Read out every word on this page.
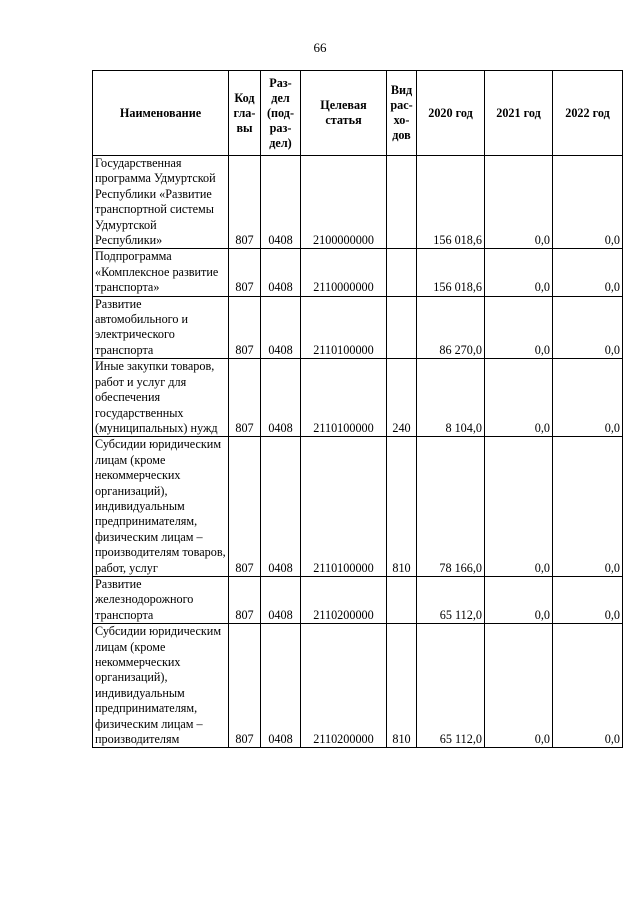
66
Наименование	Код гла- вы	Раз- дел (под- раз- дел)	Целевая статья	Вид рас- хо- дов	2020 год	2021 год	2022 год
Государственная программа Удмуртской Республики «Развитие транспортной системы Удмуртской Республики»	807	0408	2100000000		156 018,6	0,0	0,0
Подпрограмма «Комплексное развитие транспорта»	807	0408	2110000000		156 018,6	0,0	0,0
Развитие автомобильного и электрического транспорта	807	0408	2110100000		86 270,0	0,0	0,0
Иные закупки товаров, работ и услуг для обеспечения государственных (муниципальных) нужд	807	0408	2110100000	240	8 104,0	0,0	0,0
Субсидии юридическим лицам (кроме некоммерческих организаций), индивидуальным предпринимателям, физическим лицам – производителям товаров, работ, услуг	807	0408	2110100000	810	78 166,0	0,0	0,0
Развитие железнодорожного транспорта	807	0408	2110200000		65 112,0	0,0	0,0
Субсидии юридическим лицам (кроме некоммерческих организаций), индивидуальным предпринимателям, физическим лицам – производителям	807	0408	2110200000	810	65 112,0	0,0	0,0
